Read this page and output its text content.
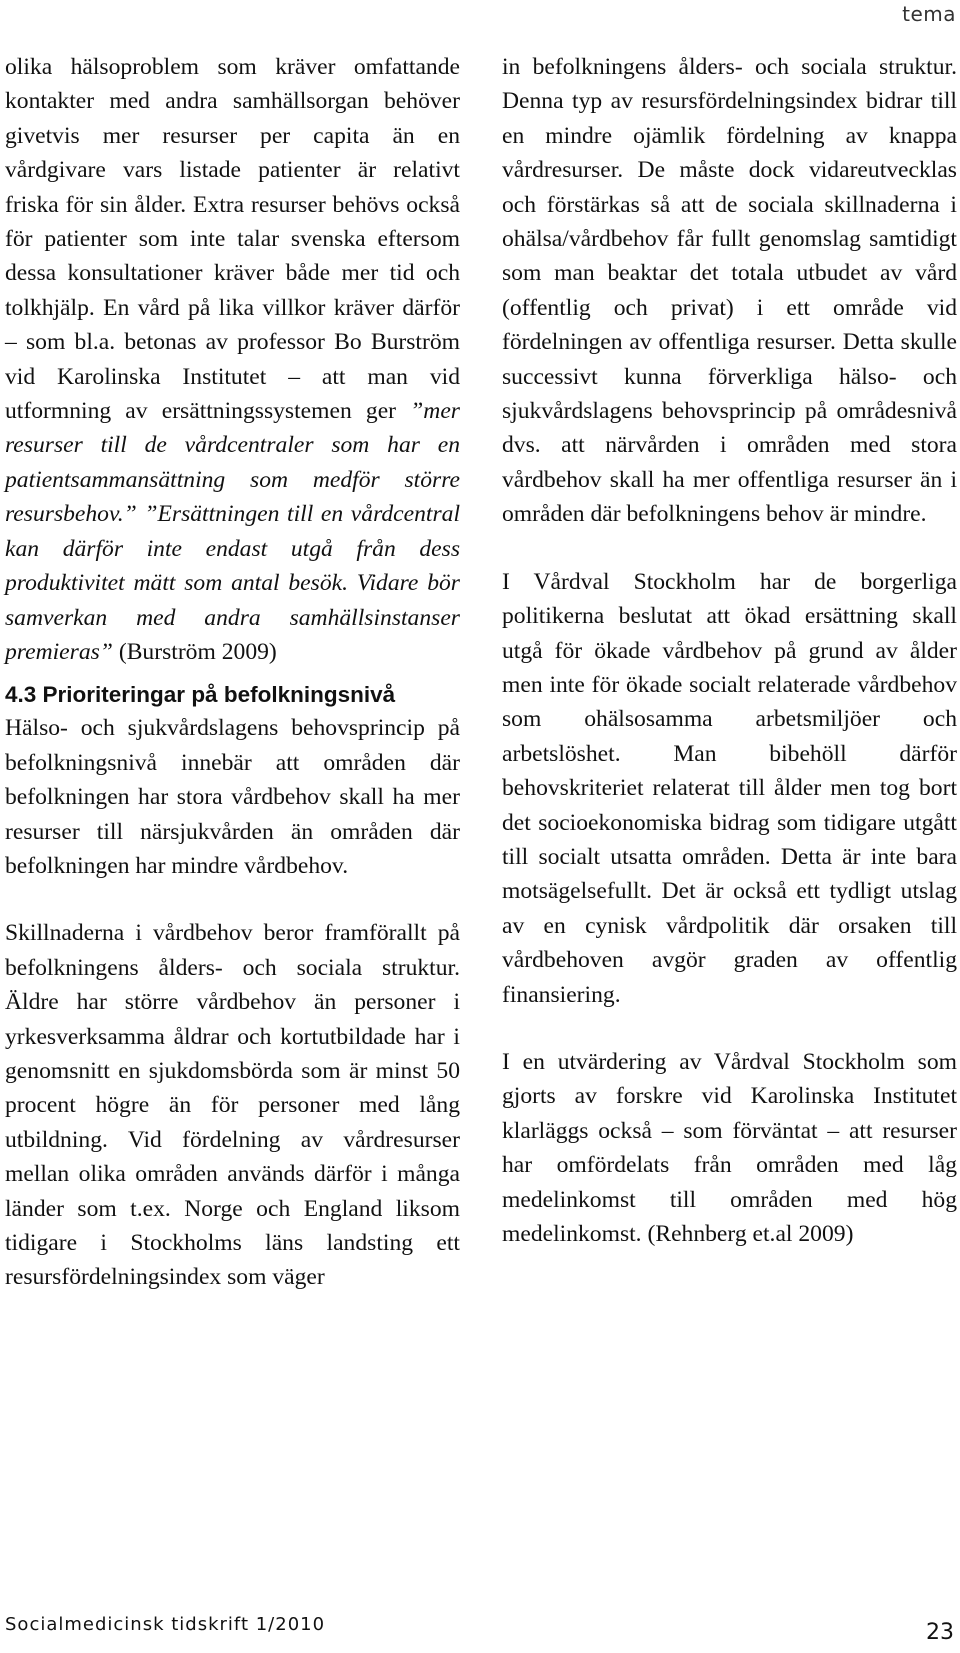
tema

olika hälsoproblem som kräver omfattande kontakter med andra samhällsorgan behöver givetvis mer resurser per capita än en vårdgivare vars listade patienter är relativt friska för sin ålder. Extra resurser behövs också för patienter som inte talar svenska eftersom dessa konsultationer kräver både mer tid och tolkhjälp. En vård på lika villkor kräver därför – som bl.a. betonas av professor Bo Burström vid Karolinska Institutet – att man vid utformning av ersättningssystemen ger ”mer resurser till de vårdcentraler som har en patientsammansättning som medför större resursbehov.” ”Ersättningen till en vårdcentral kan därför inte endast utgå från dess produktivitet mätt som antal besök. Vidare bör samverkan med andra samhällsinstanser premieras” (Burström 2009)

4.3 Prioriteringar på befolkningsnivå

Hälso- och sjukvårdslagens behovsprincip på befolkningsnivå innebär att områden där befolkningen har stora vårdbehov skall ha mer resurser till närsjukvården än områden där befolkningen har mindre vårdbehov.

Skillnaderna i vårdbehov beror framförallt på befolkningens ålders- och sociala struktur. Äldre har större vårdbehov än personer i yrkesverksamma åldrar och kortutbildade har i genomsnitt en sjukdomsbörda som är minst 50 procent högre än för personer med lång utbildning. Vid fördelning av vårdresurser mellan olika områden används därför i många länder som t.ex. Norge och England liksom tidigare i Stockholms läns landsting ett resursfördelningsindex som väger

in befolkningens ålders- och sociala struktur. Denna typ av resursfördelningsindex bidrar till en mindre ojämlik fördelning av knappa vårdresurser. De måste dock vidareutvecklas och förstärkas så att de sociala skillnaderna i ohälsa/vårdbehov får fullt genomslag samtidigt som man beaktar det totala utbudet av vård (offentlig och privat) i ett område vid fördelningen av offentliga resurser. Detta skulle successivt kunna förverkliga hälso- och sjukvårdslagens behovsprincip på områdesnivå dvs. att närvården i områden med stora vårdbehov skall ha mer offentliga resurser än i områden där befolkningens behov är mindre.

I Vårdval Stockholm har de borgerliga politikerna beslutat att ökad ersättning skall utgå för ökade vårdbehov på grund av ålder men inte för ökade socialt relaterade vårdbehov som ohälsosamma arbetsmiljöer och arbetslöshet. Man bibehöll därför behovskriteriet relaterat till ålder men tog bort det socioekonomiska bidrag som tidigare utgått till socialt utsatta områden. Detta är inte bara motsägelsefullt. Det är också ett tydligt utslag av en cynisk vårdpolitik där orsaken till vårdbehoven avgör graden av offentlig finansiering.

I en utvärdering av Vårdval Stockholm som gjorts av forskre vid Karolinska Institutet klarläggs också – som förväntat – att resurser har omfördelats från områden med låg medelinkomst till områden med hög medelinkomst. (Rehnberg et.al 2009)

Socialmedicinsk tidskrift 1/2010	23
